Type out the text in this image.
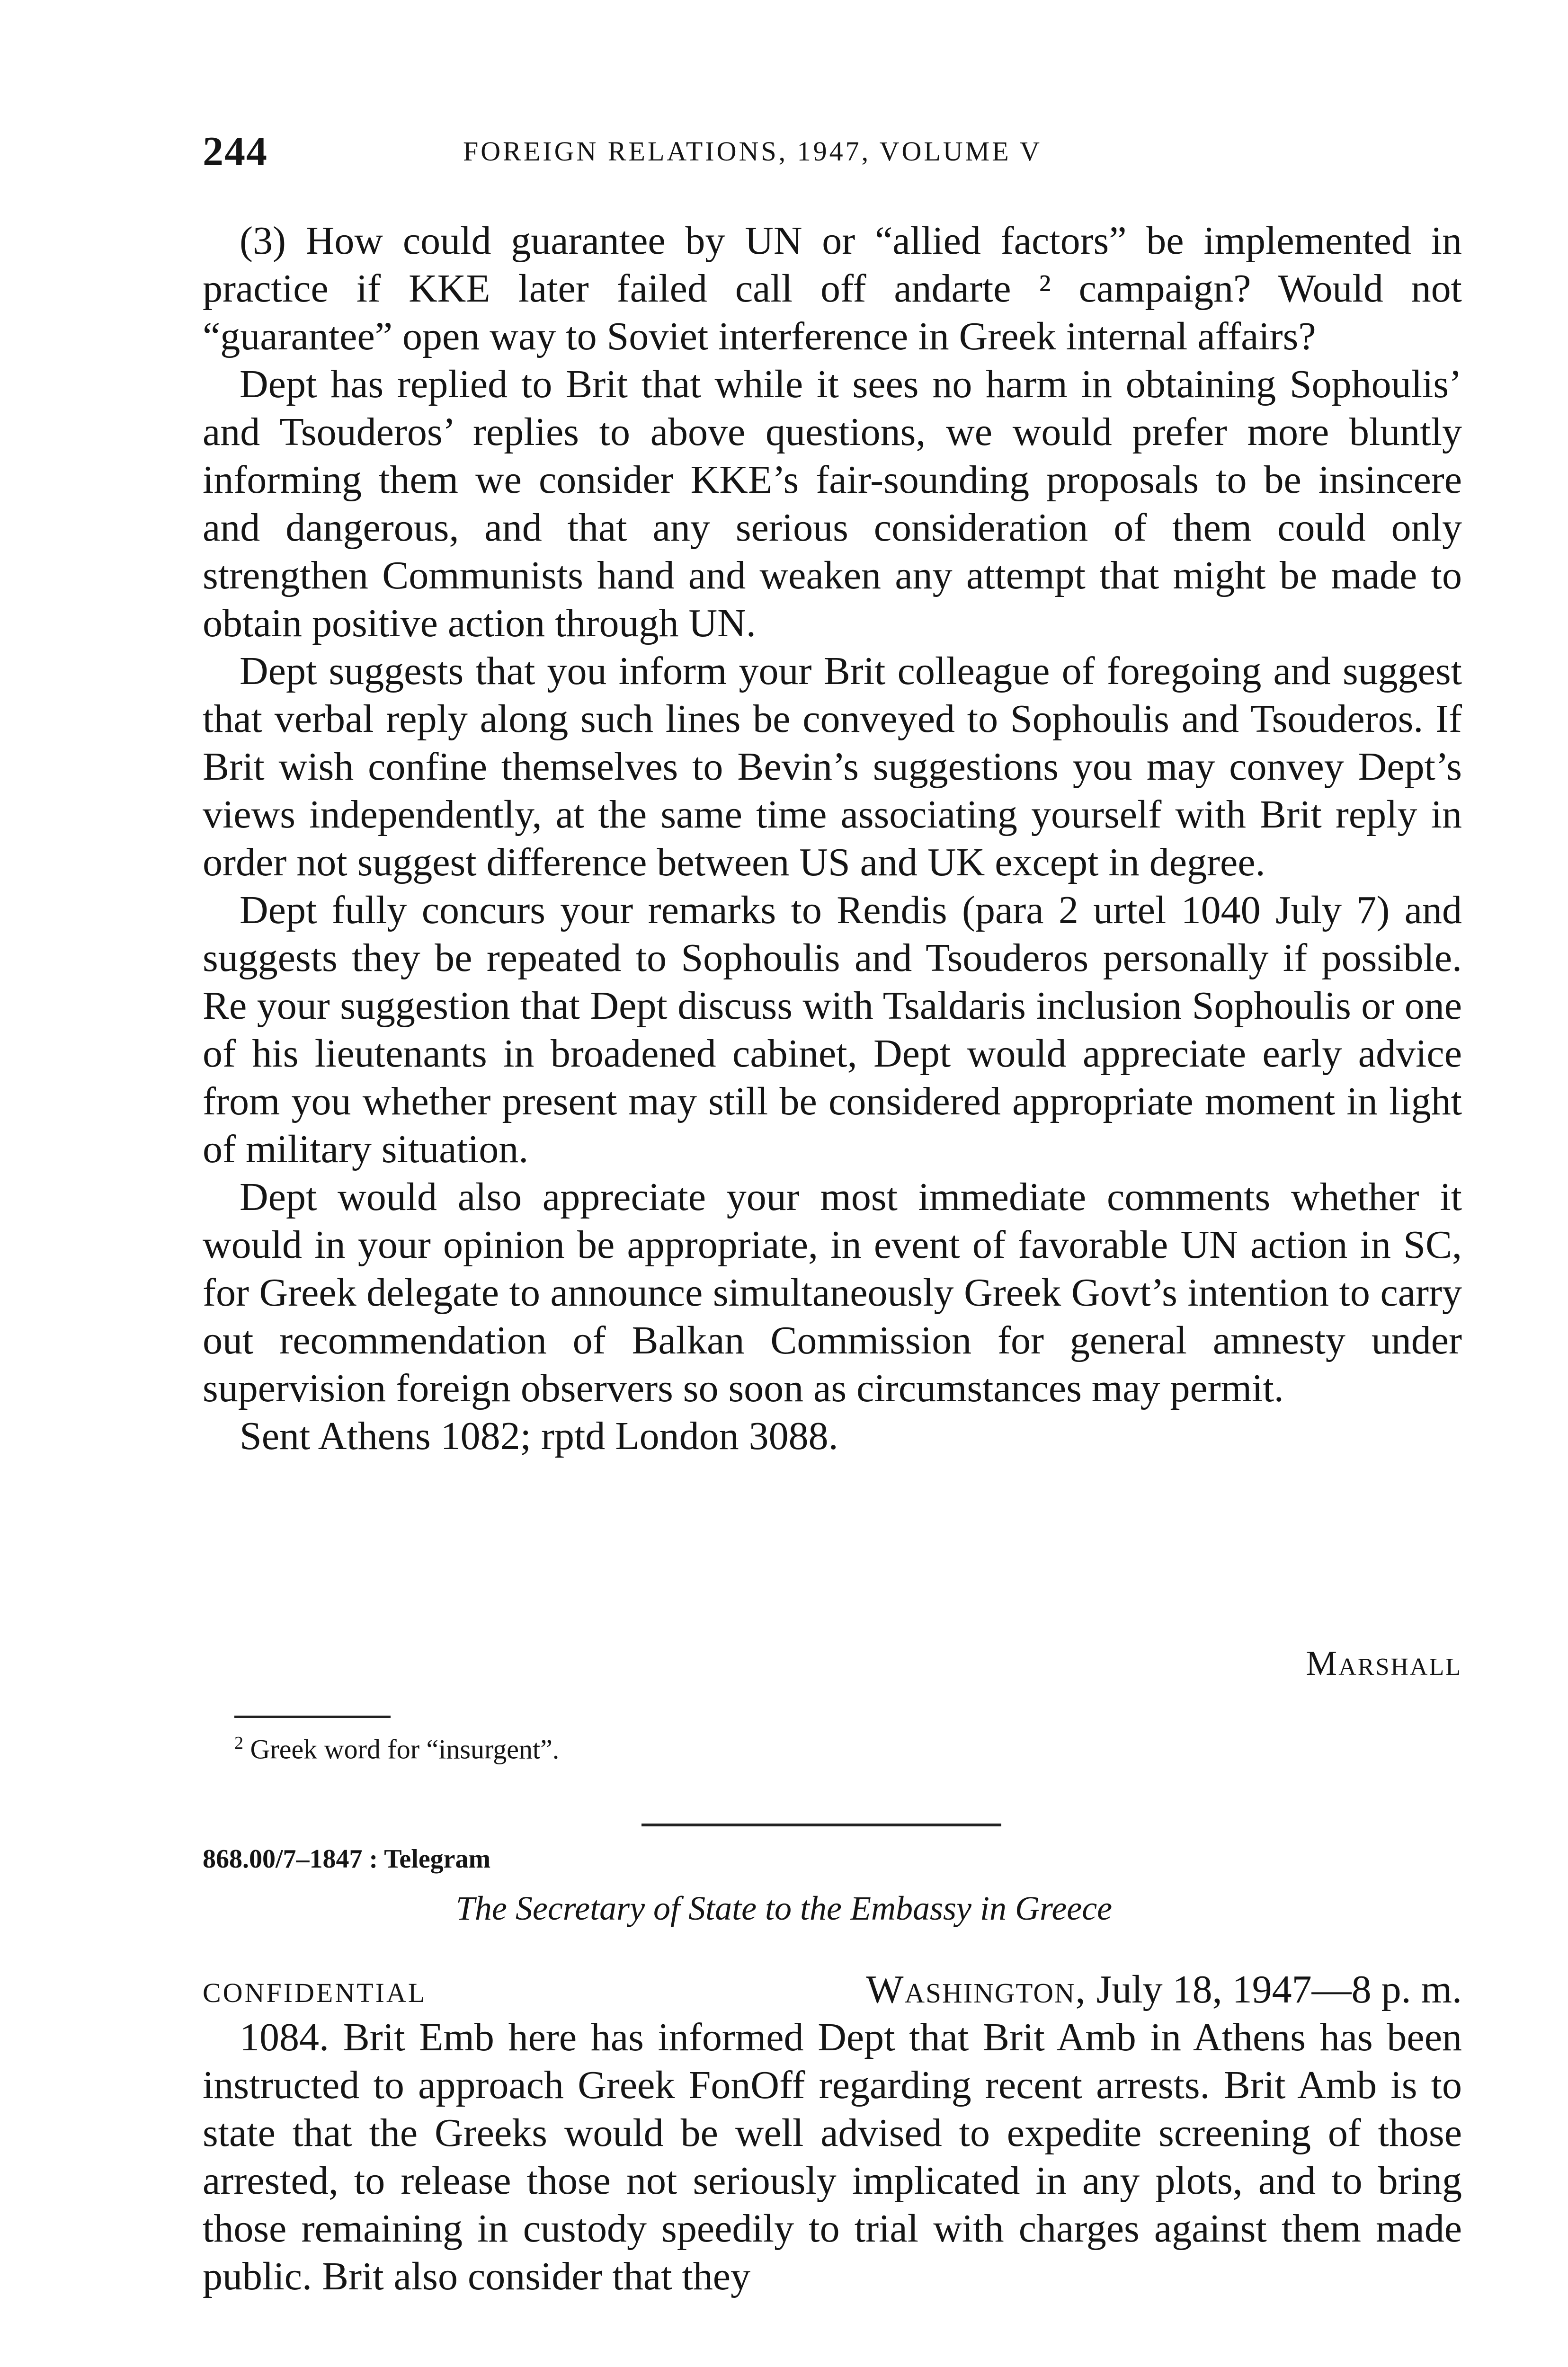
244	FOREIGN RELATIONS, 1947, VOLUME V

(3) How could guarantee by UN or “allied factors” be implemented in practice if KKE later failed call off andarte ² campaign? Would not “guarantee” open way to Soviet interference in Greek internal affairs?

Dept has replied to Brit that while it sees no harm in obtaining Sophoulis’ and Tsouderos’ replies to above questions, we would prefer more bluntly informing them we consider KKE’s fair-sounding proposals to be insincere and dangerous, and that any serious consideration of them could only strengthen Communists hand and weaken any attempt that might be made to obtain positive action through UN.

Dept suggests that you inform your Brit colleague of foregoing and suggest that verbal reply along such lines be conveyed to Sophoulis and Tsouderos. If Brit wish confine themselves to Bevin’s suggestions you may convey Dept’s views independently, at the same time associating yourself with Brit reply in order not suggest difference between US and UK except in degree.

Dept fully concurs your remarks to Rendis (para 2 urtel 1040 July 7) and suggests they be repeated to Sophoulis and Tsouderos personally if possible. Re your suggestion that Dept discuss with Tsaldaris inclusion Sophoulis or one of his lieutenants in broadened cabinet, Dept would appreciate early advice from you whether present may still be considered appropriate moment in light of military situation.

Dept would also appreciate your most immediate comments whether it would in your opinion be appropriate, in event of favorable UN action in SC, for Greek delegate to announce simultaneously Greek Govt’s intention to carry out recommendation of Balkan Commission for general amnesty under supervision foreign observers so soon as circumstances may permit.

Sent Athens 1082; rptd London 3088.

Marshall
$^2$ Greek word for “insurgent”.
868.00/7–1847 : Telegram
The Secretary of State to the Embassy in Greece
CONFIDENTIAL	Washington, July 18, 1947—8 p. m.

1084. Brit Emb here has informed Dept that Brit Amb in Athens has been instructed to approach Greek FonOff regarding recent arrests. Brit Amb is to state that the Greeks would be well advised to expedite screening of those arrested, to release those not seriously implicated in any plots, and to bring those remaining in custody speedily to trial with charges against them made public. Brit also consider that they
